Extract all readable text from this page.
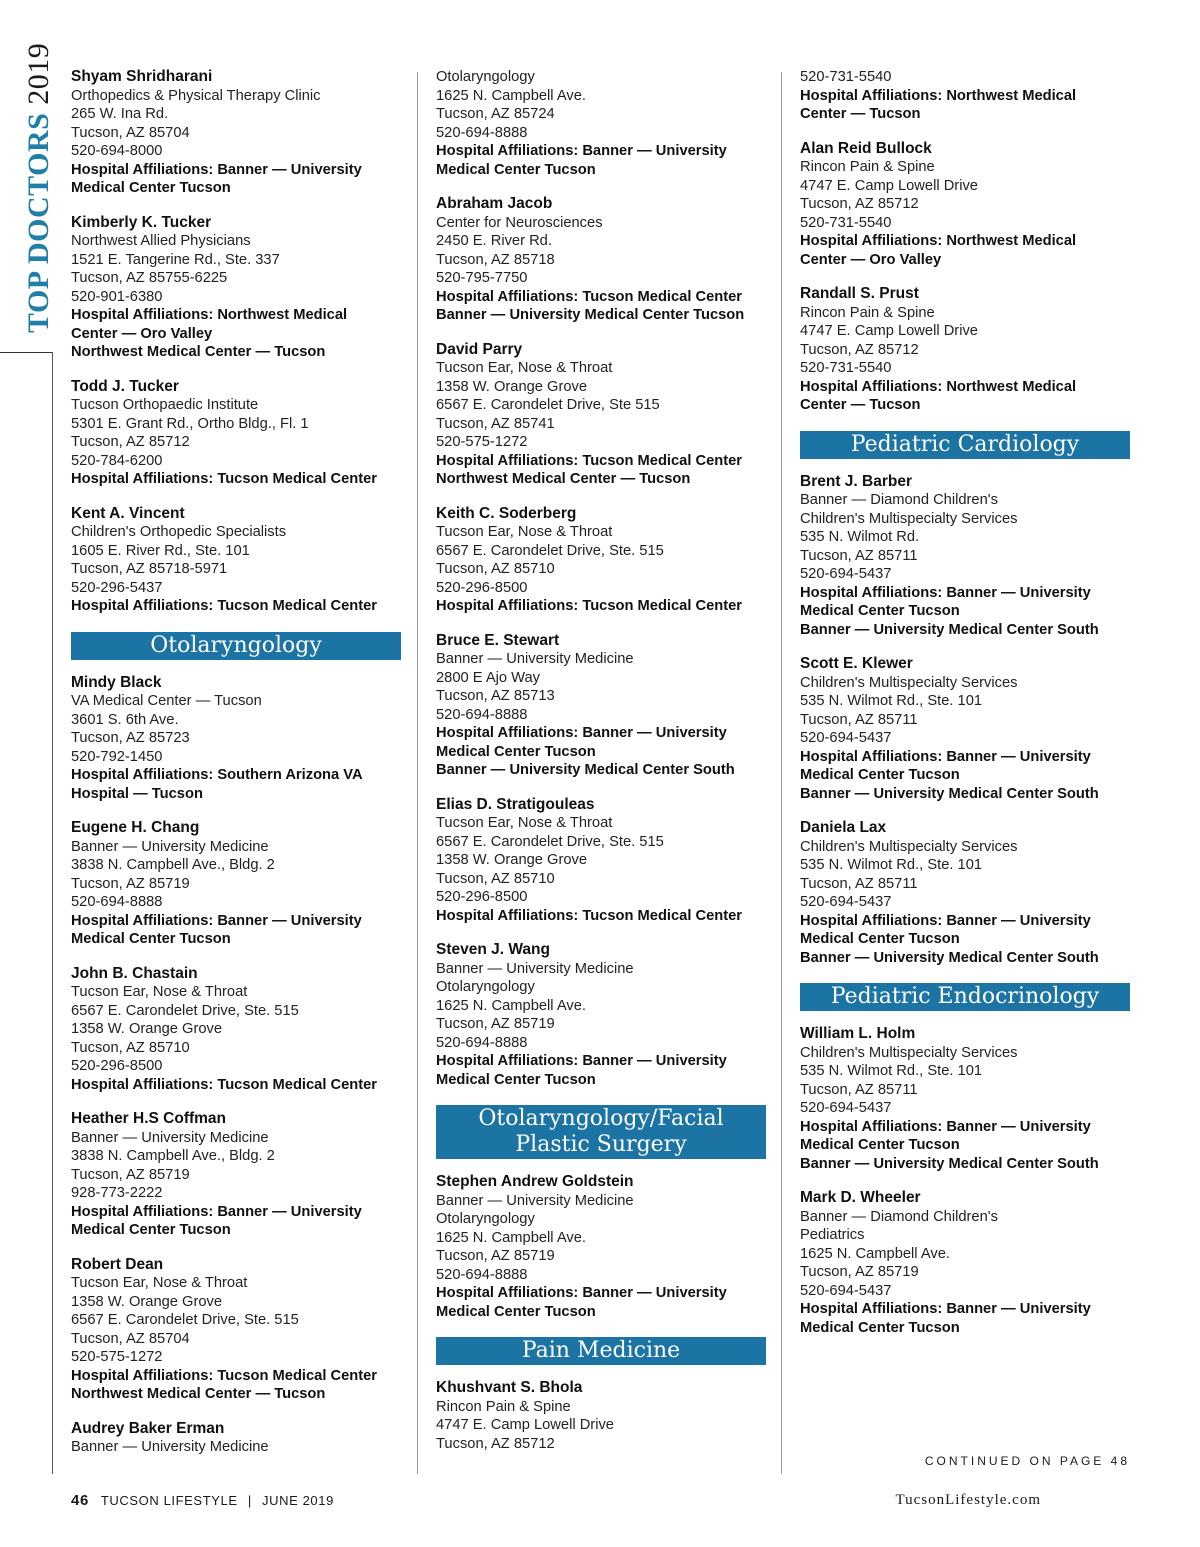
TOP DOCTORS 2019 Shyam Shridharani
Orthopedics & Physical Therapy Clinic
265 W. Ina Rd.
Tucson, AZ 85704
520-694-8000
Hospital Affiliations: Banner — University
Medical Center Tucson
Kimberly K. Tucker
Northwest Allied Physicians
1521 E. Tangerine Rd., Ste. 337
Tucson, AZ 85755-6225
520-901-6380
Hospital Affiliations: Northwest Medical
Center — Oro Valley
Northwest Medical Center — Tucson
Todd J. Tucker
Tucson Orthopaedic Institute
5301 E. Grant Rd., Ortho Bldg., Fl. 1
Tucson, AZ 85712
520-784-6200
Hospital Affiliations: Tucson Medical Center
Kent A. Vincent
Children's Orthopedic Specialists
1605 E. River Rd., Ste. 101
Tucson, AZ 85718-5971
520-296-5437
Hospital Affiliations: Tucson Medical Center
Otolaryngology
Mindy Black
VA Medical Center — Tucson
3601 S. 6th Ave.
Tucson, AZ 85723
520-792-1450
Hospital Affiliations: Southern Arizona VA
Hospital — Tucson
Eugene H. Chang
Banner — University Medicine
3838 N. Campbell Ave., Bldg. 2
Tucson, AZ 85719
520-694-8888
Hospital Affiliations: Banner — University
Medical Center Tucson
John B. Chastain
Tucson Ear, Nose & Throat
6567 E. Carondelet Drive, Ste. 515
1358 W. Orange Grove
Tucson, AZ 85710
520-296-8500
Hospital Affiliations: Tucson Medical Center
Heather H.S Coffman
Banner — University Medicine
3838 N. Campbell Ave., Bldg. 2
Tucson, AZ 85719
928-773-2222
Hospital Affiliations: Banner — University
Medical Center Tucson
Robert Dean
Tucson Ear, Nose & Throat
1358 W. Orange Grove
6567 E. Carondelet Drive, Ste. 515
Tucson, AZ 85704
520-575-1272
Hospital Affiliations: Tucson Medical Center
Northwest Medical Center — Tucson
Audrey Baker Erman
Banner — University Medicine
Otolaryngology
1625 N. Campbell Ave.
Tucson, AZ 85724
520-694-8888
Hospital Affiliations: Banner — University
Medical Center Tucson
Abraham Jacob
Center for Neurosciences
2450 E. River Rd.
Tucson, AZ 85718
520-795-7750
Hospital Affiliations: Tucson Medical Center
Banner — University Medical Center Tucson
David Parry
Tucson Ear, Nose & Throat
1358 W. Orange Grove
6567 E. Carondelet Drive, Ste 515
Tucson, AZ 85741
520-575-1272
Hospital Affiliations: Tucson Medical Center
Northwest Medical Center — Tucson
Keith C. Soderberg
Tucson Ear, Nose & Throat
6567 E. Carondelet Drive, Ste. 515
Tucson, AZ 85710
520-296-8500
Hospital Affiliations: Tucson Medical Center
Bruce E. Stewart
Banner — University Medicine
2800 E Ajo Way
Tucson, AZ 85713
520-694-8888
Hospital Affiliations: Banner — University
Medical Center Tucson
Banner — University Medical Center South
Elias D. Stratigouleas
Tucson Ear, Nose & Throat
6567 E. Carondelet Drive, Ste. 515
1358 W. Orange Grove
Tucson, AZ 85710
520-296-8500
Hospital Affiliations: Tucson Medical Center
Steven J. Wang
Banner — University Medicine
Otolaryngology
1625 N. Campbell Ave.
Tucson, AZ 85719
520-694-8888
Hospital Affiliations: Banner — University
Medical Center Tucson
Otolaryngology/Facial
Plastic Surgery
Stephen Andrew Goldstein
Banner — University Medicine
Otolaryngology
1625 N. Campbell Ave.
Tucson, AZ 85719
520-694-8888
Hospital Affiliations: Banner — University
Medical Center Tucson
Pain Medicine
Khushvant S. Bhola
Rincon Pain & Spine
4747 E. Camp Lowell Drive
Tucson, AZ 85712
520-731-5540
Hospital Affiliations: Northwest Medical
Center — Tucson
Alan Reid Bullock
Rincon Pain & Spine
4747 E. Camp Lowell Drive
Tucson, AZ 85712
520-731-5540
Hospital Affiliations: Northwest Medical
Center — Oro Valley
Randall S. Prust
Rincon Pain & Spine
4747 E. Camp Lowell Drive
Tucson, AZ 85712
520-731-5540
Hospital Affiliations: Northwest Medical
Center — Tucson
Pediatric Cardiology
Brent J. Barber
Banner — Diamond Children's
Children's Multispecialty Services
535 N. Wilmot Rd.
Tucson, AZ 85711
520-694-5437
Hospital Affiliations: Banner — University
Medical Center Tucson
Banner — University Medical Center South
Scott E. Klewer
Children's Multispecialty Services
535 N. Wilmot Rd., Ste. 101
Tucson, AZ 85711
520-694-5437
Hospital Affiliations: Banner — University
Medical Center Tucson
Banner — University Medical Center South
Daniela Lax
Children's Multispecialty Services
535 N. Wilmot Rd., Ste. 101
Tucson, AZ 85711
520-694-5437
Hospital Affiliations: Banner — University
Medical Center Tucson
Banner — University Medical Center South
Pediatric Endocrinology
William L. Holm
Children's Multispecialty Services
535 N. Wilmot Rd., Ste. 101
Tucson, AZ 85711
520-694-5437
Hospital Affiliations: Banner — University
Medical Center Tucson
Banner — University Medical Center South
Mark D. Wheeler
Banner — Diamond Children's
Pediatrics
1625 N. Campbell Ave.
Tucson, AZ 85719
520-694-5437
Hospital Affiliations: Banner — University
Medical Center Tucson
CONTINUED ON PAGE 48
46 TUCSON LIFESTYLE | JUNE 2019	TucsonLifestyle.com
